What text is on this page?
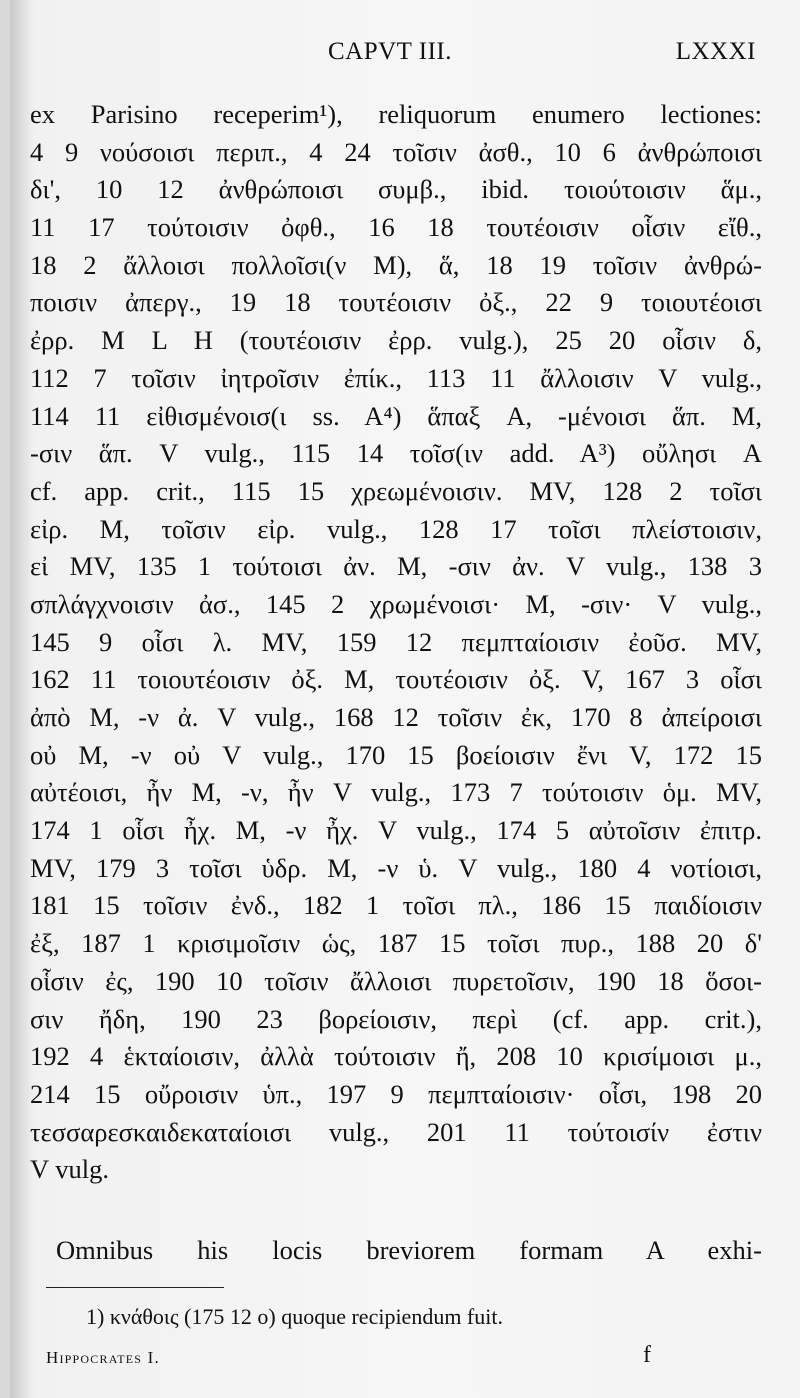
CAPVT III.	LXXXI
ex Parisino receperim¹), reliquorum enumero lectiones:
4 9 νούσοισι περιπ., 4 24 τοῖσιν ἀσθ., 10 6 ἀνθρώποισι
δι', 10 12 ἀνθρώποισι συμβ., ibid. τοιούτοισιν ἅμ.,
11 17 τούτοισιν ὀφθ., 16 18 τουτέοισιν οἷσιν εἴθ.,
18 2 ἄλλοισι πολλοῖσι(ν M), ἅ, 18 19 τοῖσιν ἀνθρώ-
ποισιν ἀπεργ., 19 18 τουτέοισιν ὀξ., 22 9 τοιουτέοισι
ἐρρ. M L H (τουτέοισιν ἐρρ. vulg.), 25 20 οἷσιν δ,
112 7 τοῖσιν ἰητροῖσιν ἐπίκ., 113 11 ἄλλοισιν V vulg.,
114 11 εἰθισμένοισ(ι ss. A⁴) ἅπαξ A, -μένοισι ἅπ. M,
-σιν ἅπ. V vulg., 115 14 τοῖσ(ιν add. A³) οὔλησι A
cf. app. crit., 115 15 χρεωμένοισιν. MV, 128 2 τοῖσι
εἰρ. M, τοῖσιν εἰρ. vulg., 128 17 τοῖσι πλείστοισιν,
εἰ MV, 135 1 τούτοισι ἀν. M, -σιν ἀν. V vulg., 138 3
σπλάγχνοισιν ἀσ., 145 2 χρωμένοισι· M, -σιν· V vulg.,
145 9 οἷσι λ. MV, 159 12 πεμπταίοισιν ἐοῦσ. MV,
162 11 τοιουτέοισιν ὀξ. M, τουτέοισιν ὀξ. V, 167 3 οἷσι
ἀπὸ M, -ν ἀ. V vulg., 168 12 τοῖσιν ἐκ, 170 8 ἀπείροισι
οὐ M, -ν οὐ V vulg., 170 15 βοείοισιν ἔνι V, 172 15
αὐτέοισι, ἦν M, -ν, ἦν V vulg., 173 7 τούτοισιν ὁμ. MV,
174 1 οἷσι ἦχ. M, -ν ἦχ. V vulg., 174 5 αὐτοῖσιν ἐπιτρ.
MV, 179 3 τοῖσι ὑδρ. M, -ν ὑ. V vulg., 180 4 νοτίοισι,
181 15 τοῖσιν ἐνδ., 182 1 τοῖσι πλ., 186 15 παιδίοισιν
ἐξ, 187 1 κρισιμοῖσιν ὡς, 187 15 τοῖσι πυρ., 188 20 δ'
οἷσιν ἐς, 190 10 τοῖσιν ἄλλοισι πυρετοῖσιν, 190 18 ὅσοι-
σιν ἤδη, 190 23 βορείοισιν, περὶ (cf. app. crit.),
192 4 ἑκταίοισιν, ἀλλὰ τούτοισιν ἤ, 208 10 κρισίμοισι μ.,
214 15 οὔροισιν ὑπ., 197 9 πεμπταίοισιν· οἷσι, 198 20
τεσσαρεσκαιδεκαταίοισι vulg., 201 11 τούτοισίν ἐστιν
V vulg.
Omnibus his locis breviorem formam A exhi-
1) κνάθοις (175 12 o) quoque recipiendum fuit.
Hippocrates I.	f
